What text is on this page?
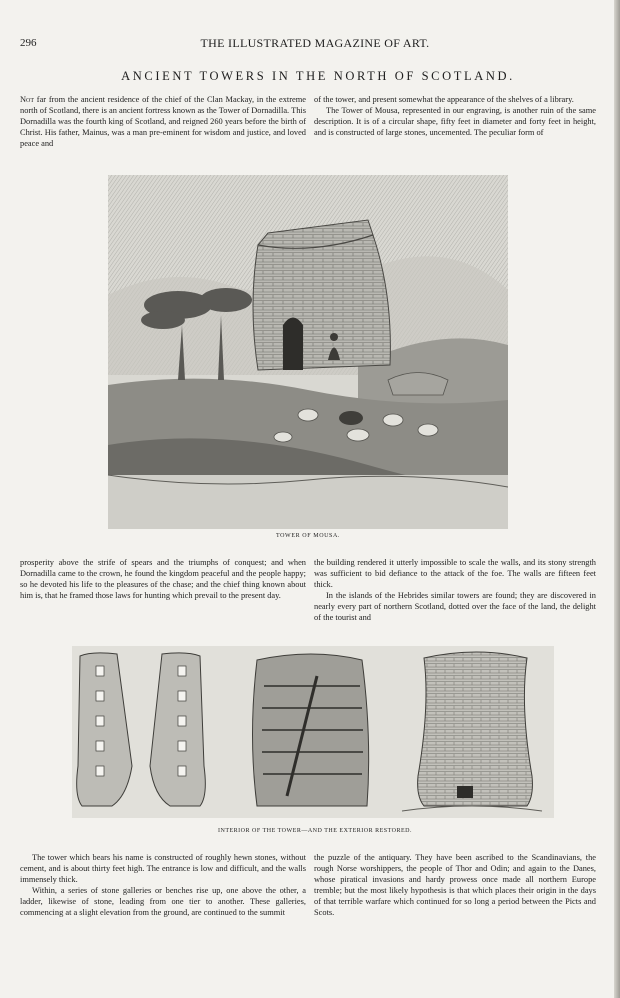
296	THE ILLUSTRATED MAGAZINE OF ART.
ANCIENT TOWERS IN THE NORTH OF SCOTLAND.

Not far from the ancient residence of the chief of the Clan Mackay, in the extreme north of Scotland, there is an ancient fortress known as the Tower of Dornadilla. This Dornadilla was the fourth king of Scotland, and reigned 260 years before the birth of Christ. His father, Mainus, was a man pre-eminent for wisdom and justice, and loved peace and

of the tower, and present somewhat the appearance of the shelves of a library.

The Tower of Mousa, represented in our engraving, is another ruin of the same description. It is of a circular shape, fifty feet in diameter and forty feet in height, and is constructed of large stones, uncemented. The peculiar form of

TOWER OF MOUSA.

prosperity above the strife of spears and the triumphs of conquest; and when Dornadilla came to the crown, he found the kingdom peaceful and the people happy; so he devoted his life to the pleasures of the chase; and the chief thing known about him is, that he framed those laws for hunting which prevail to the present day.

the building rendered it utterly impossible to scale the walls, and its stony strength was sufficient to bid defiance to the attack of the foe. The walls are fifteen feet thick.

In the islands of the Hebrides similar towers are found; they are discovered in nearly every part of northern Scotland, dotted over the face of the land, the delight of the tourist and

INTERIOR OF THE TOWER—AND THE EXTERIOR RESTORED.

The tower which bears his name is constructed of roughly hewn stones, without cement, and is about thirty feet high. The entrance is low and difficult, and the walls immensely thick.

Within, a series of stone galleries or benches rise up, one above the other, a ladder, likewise of stone, leading from one tier to another. These galleries, commencing at a slight elevation from the ground, are continued to the summit

the puzzle of the antiquary. They have been ascribed to the Scandinavians, the rough Norse worshippers, the people of Thor and Odin; and again to the Danes, whose piratical invasions and hardy prowess once made all northern Europe tremble; but the most likely hypothesis is that which places their origin in the days of that terrible warfare which continued for so long a period between the Picts and Scots.
